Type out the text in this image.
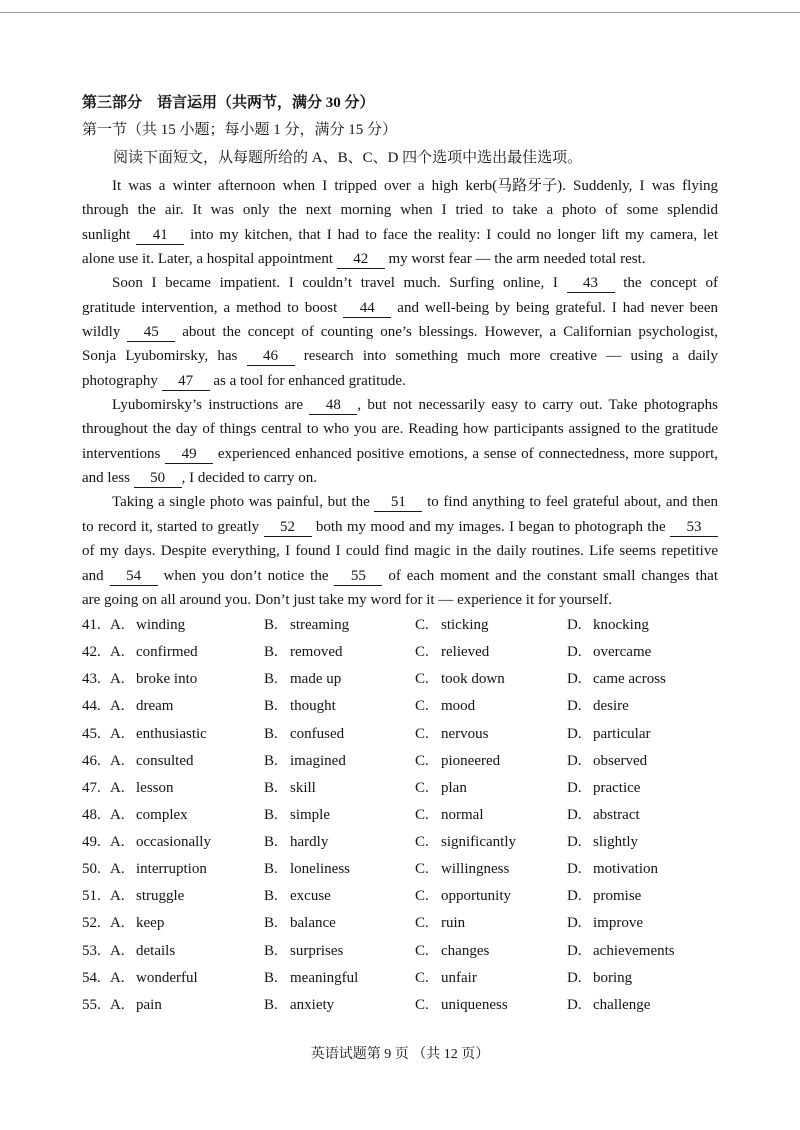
第三部分　语言运用（共两节，满分 30 分）
第一节（共 15 小题；每小题 1 分，满分 15 分）
阅读下面短文，从每题所给的 A、B、C、D 四个选项中选出最佳选项。
It was a winter afternoon when I tripped over a high kerb(马路牙子). Suddenly, I was flying
through the air. It was only the next morning when I tried to take a photo of some splendid
sunlight 41 into my kitchen, that I had to face the reality: I could no longer lift my camera, let
alone use it. Later, a hospital appointment 42 my worst fear — the arm needed total rest.
Soon I became impatient. I couldn’t travel much. Surfing online, I 43 the concept of
gratitude intervention, a method to boost 44 and well-being by being grateful. I had never been
wildly 45 about the concept of counting one’s blessings. However, a Californian psychologist,
Sonja Lyubomirsky, has 46 research into something much more creative — using a daily
photography 47 as a tool for enhanced gratitude.
Lyubomirsky’s instructions are 48 , but not necessarily easy to carry out. Take photographs
throughout the day of things central to who you are. Reading how participants assigned to the gratitude
interventions 49 experienced enhanced positive emotions, a sense of connectedness, more support,
and less 50 , I decided to carry on.
Taking a single photo was painful, but the 51 to find anything to feel grateful about, and then
to record it, started to greatly 52 both my mood and my images. I began to photograph the 53
of my days. Despite everything, I found I could find magic in the daily routines. Life seems repetitive
and 54 when you don’t notice the 55 of each moment and the constant small changes that
are going on all around you. Don’t just take my word for it — experience it for yourself.
41. A. winding	B. streaming	C. sticking	D. knocking
42. A. confirmed	B. removed	C. relieved	D. overcame
43. A. broke into	B. made up	C. took down	D. came across
44. A. dream	B. thought	C. mood	D. desire
45. A. enthusiastic	B. confused	C. nervous	D. particular
46. A. consulted	B. imagined	C. pioneered	D. observed
47. A. lesson	B. skill	C. plan	D. practice
48. A. complex	B. simple	C. normal	D. abstract
49. A. occasionally	B. hardly	C. significantly	D. slightly
50. A. interruption	B. loneliness	C. willingness	D. motivation
51. A. struggle	B. excuse	C. opportunity	D. promise
52. A. keep	B. balance	C. ruin	D. improve
53. A. details	B. surprises	C. changes	D. achievements
54. A. wonderful	B. meaningful	C. unfair	D. boring
55. A. pain	B. anxiety	C. uniqueness	D. challenge
英语试题第 9 页 （共 12 页）
